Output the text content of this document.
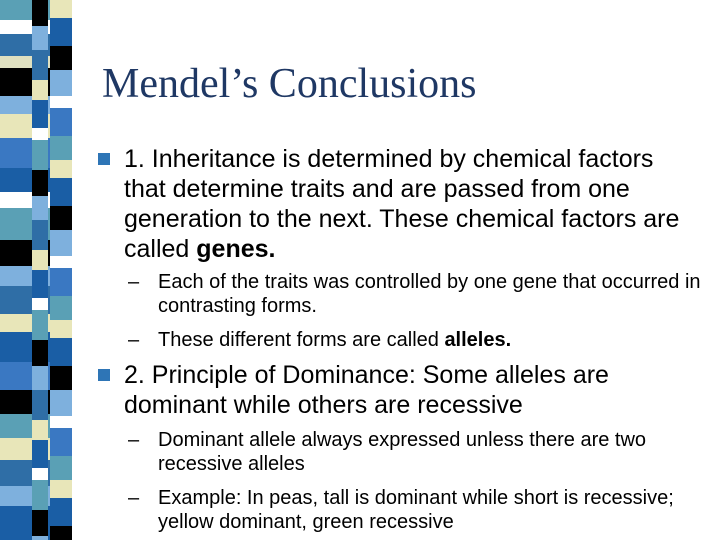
Mendel’s Conclusions
1. Inheritance is determined by chemical factors that determine traits and are passed from one generation to the next. These chemical factors are called genes.
– Each of the traits was controlled by one gene that occurred in contrasting forms.
– These different forms are called alleles.
2. Principle of Dominance: Some alleles are dominant while others are recessive
– Dominant allele always expressed unless there are two recessive alleles
– Example: In peas, tall is dominant while short is recessive; yellow dominant, green recessive
